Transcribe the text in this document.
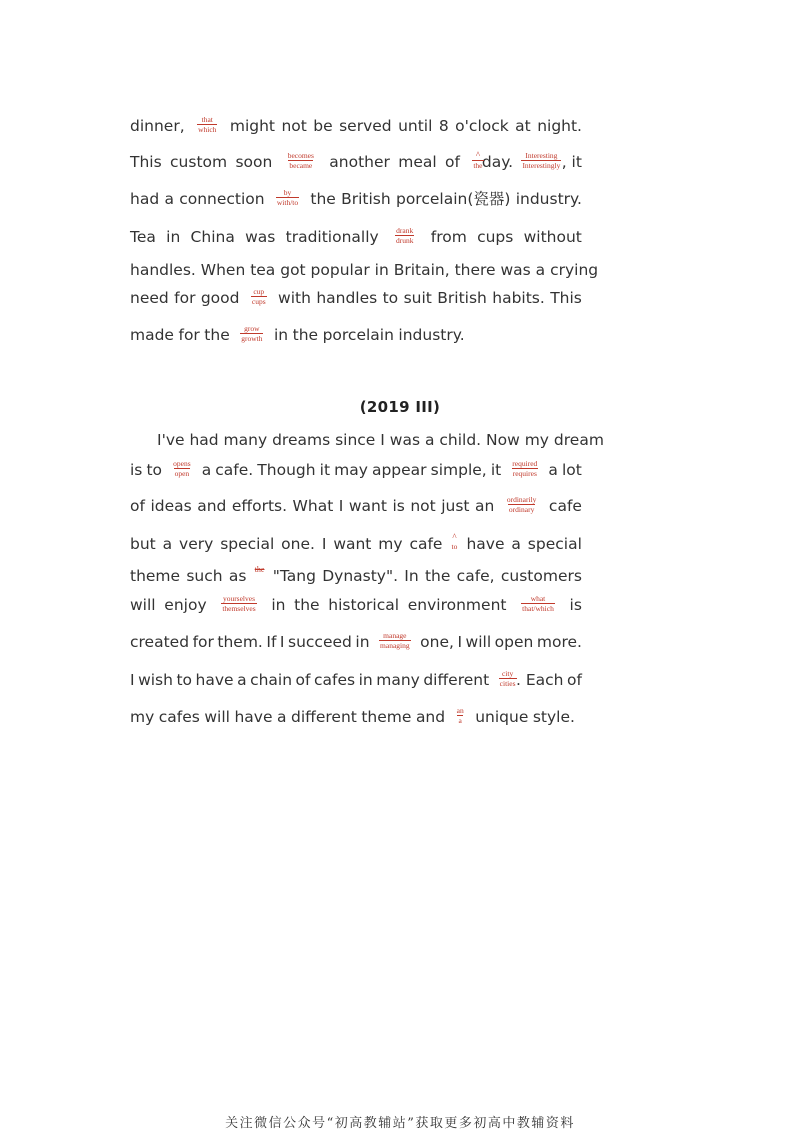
dinner, that
which might not be served until 8 o'clock at night.
This custom soon becomes
became another meal of ^
the day. Interesting
Interestingly , it
had a connection	by
with/to the British porcelain(瓷器) industry.
Tea in China was traditionally drank
drunk from cups without
handles. When tea got popular in Britain, there was a crying
need for good cup
cups with handles to suit British habits. This
made for the grow
growth in the porcelain industry.
(2019 III)
I've had many dreams since I was a child. Now my dream
is to opens
open a cafe. Though it may appear simple, it required
requires a lot
of ideas and efforts. What I want is not just an ordinarily
ordinary cafe
but a very special one. I want my cafe ^
to have a special
theme such as the "Tang Dynasty". In the cafe, customers
will enjoy yourselves
themselves in the historical environment	what
that/which is
created for them. If I succeed in manage
managing one, I will open more.
I wish to have a chain of cafes in many different city
cities . Each of
my cafes will have a different theme and an
a unique style.
关注微信公众号“初高教辅站”获取更多初高中教辅资料
